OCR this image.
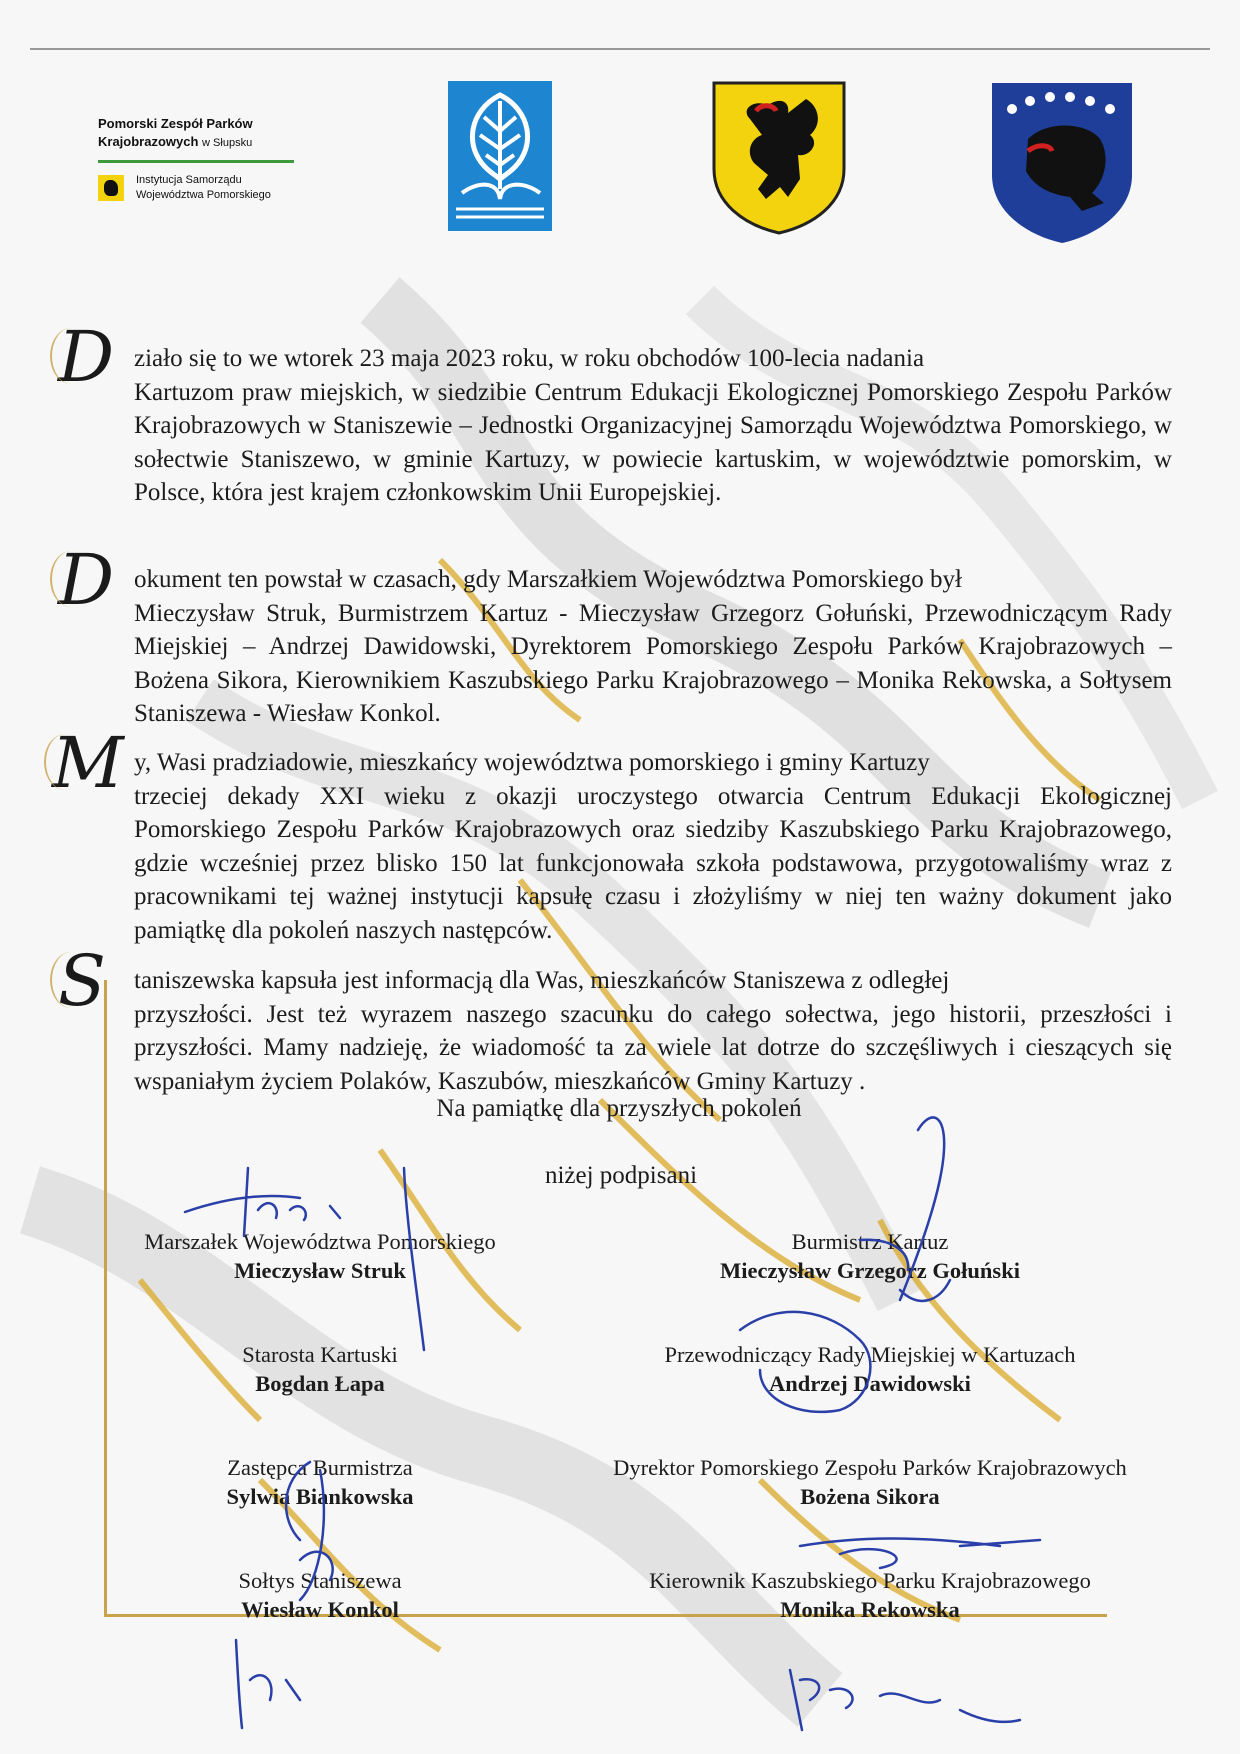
Pomorski Zespół Parków
Krajobrazowych w Słupsku
Instytucja Samorządu
Województwa Pomorskiego
D ziało się to we wtorek 23 maja 2023 roku, w roku obchodów 100-lecia nadania
Kartuzom praw miejskich, w siedzibie Centrum Edukacji Ekologicznej Pomorskiego Zespołu Parków Krajobrazowych w Staniszewie – Jednostki Organizacyjnej Samorządu Województwa Pomorskiego, w sołectwie Staniszewo, w gminie Kartuzy, w powiecie kartuskim, w województwie pomorskim, w Polsce, która jest krajem członkowskim Unii Europejskiej.
D okument ten powstał w czasach, gdy Marszałkiem Województwa Pomorskiego był
Mieczysław Struk, Burmistrzem Kartuz - Mieczysław Grzegorz Gołuński, Przewodniczącym Rady Miejskiej – Andrzej Dawidowski, Dyrektorem Pomorskiego Zespołu Parków Krajobrazowych – Bożena Sikora, Kierownikiem Kaszubskiego Parku Krajobrazowego – Monika Rekowska, a Sołtysem Staniszewa - Wiesław Konkol.
M y, Wasi pradziadowie, mieszkańcy województwa pomorskiego i gminy Kartuzy
trzeciej dekady XXI wieku z okazji uroczystego otwarcia Centrum Edukacji Ekologicznej Pomorskiego Zespołu Parków Krajobrazowych oraz siedziby Kaszubskiego Parku Krajobrazowego, gdzie wcześniej przez blisko 150 lat funkcjonowała szkoła podstawowa, przygotowaliśmy wraz z pracownikami tej ważnej instytucji kapsułę czasu i złożyliśmy w niej ten ważny dokument jako pamiątkę dla pokoleń naszych następców.
S	taniszewska kapsuła jest informacją dla Was, mieszkańców Staniszewa z odległej
przyszłości. Jest też wyrazem naszego szacunku do całego sołectwa, jego historii, przeszłości i przyszłości. Mamy nadzieję, że wiadomość ta za wiele lat dotrze do szczęśliwych i cieszących się wspaniałym życiem Polaków, Kaszubów, mieszkańców Gminy Kartuzy .
Na pamiątkę dla przyszłych pokoleń
niżej podpisani
Marszałek Województwa Pomorskiego
Mieczysław Struk
Burmistrz Kartuz
Mieczysław Grzegorz Gołuński
Starosta Kartuski
Bogdan Łapa
Przewodniczący Rady Miejskiej w Kartuzach
Andrzej Dawidowski
Zastępca Burmistrza
Sylwia Biankowska
Dyrektor Pomorskiego Zespołu Parków Krajobrazowych
Bożena Sikora
Sołtys Staniszewa
Wiesław Konkol
Kierownik Kaszubskiego Parku Krajobrazowego
Monika Rekowska
